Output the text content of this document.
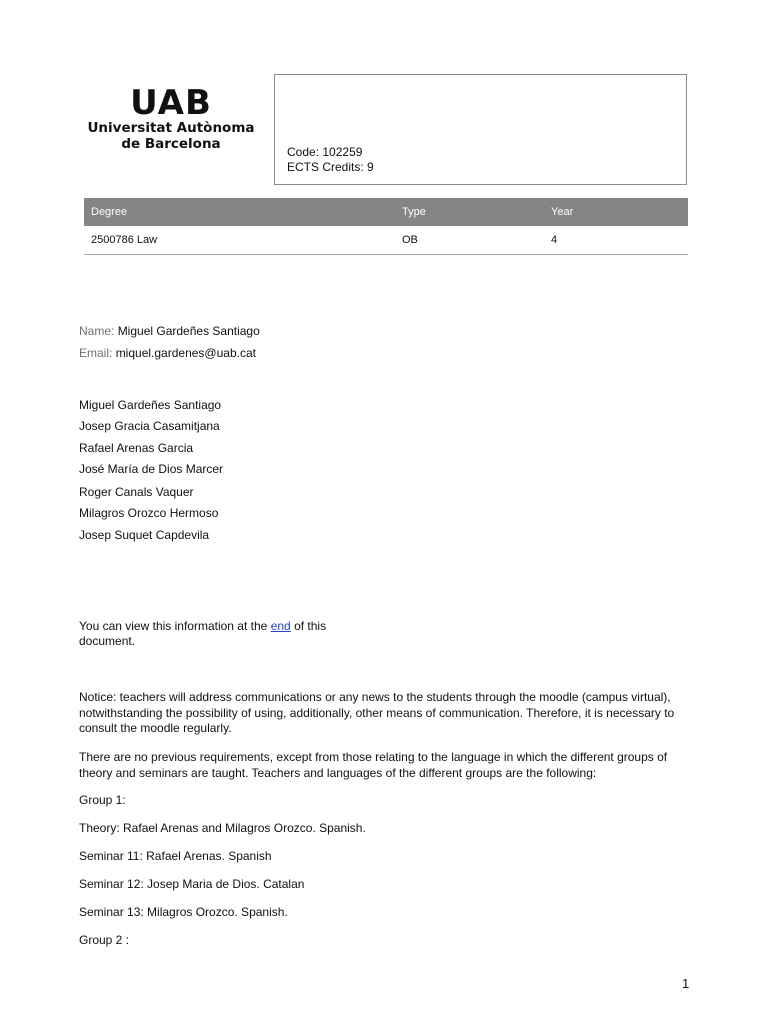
UAB
Universitat Autònoma
de Barcelona	Code: 102259
ECTS Credits: 9
Degree	Type	Year
2500786 Law	OB	4
Name: Miguel Gardeñes Santiago
Email: miquel.gardenes@uab.cat
Miguel Gardeñes Santiago
Josep Gracia Casamitjana
Rafael Arenas Garcia
José María de Dios Marcer
Roger Canals Vaquer
Milagros Orozco Hermoso
Josep Suquet Capdevila
You can view this information at the end of this
document.
Notice: teachers will address communications or any news to the students through the moodle (campus virtual), notwithstanding the possibility of using, additionally, other means of communication. Therefore, it is necessary to consult the moodle regularly.
There are no previous requirements, except from those relating to the language in which the different groups of theory and seminars are taught. Teachers and languages of the different groups are the following:
Group 1:
Theory: Rafael Arenas and Milagros Orozco. Spanish.
Seminar 11: Rafael Arenas. Spanish
Seminar 12: Josep Maria de Dios. Catalan
Seminar 13: Milagros Orozco. Spanish.
Group 2 :
1
